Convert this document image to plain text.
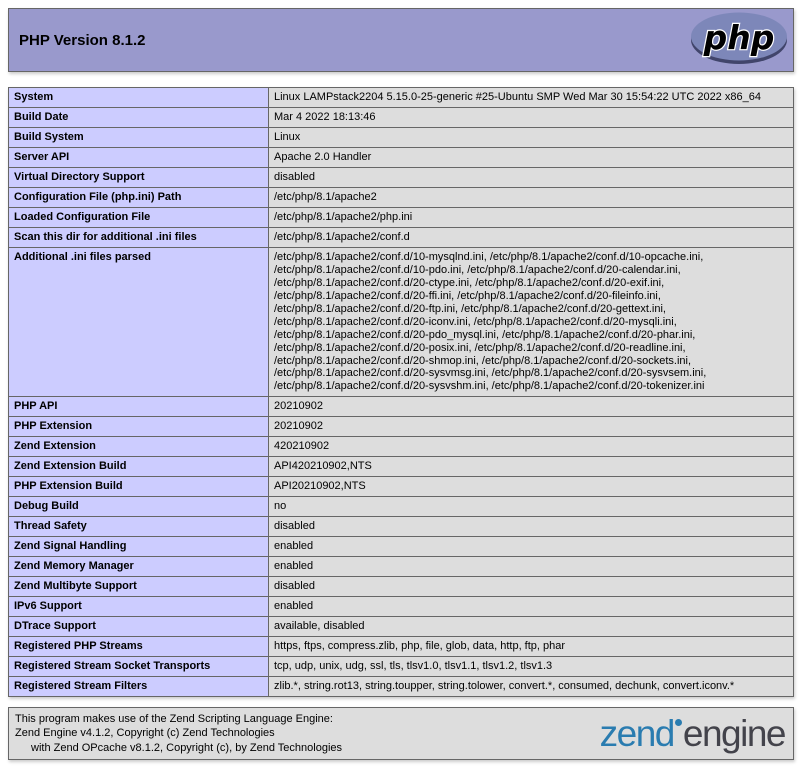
PHP Version 8.1.2	php
System	Linux LAMPstack2204 5.15.0-25-generic #25-Ubuntu SMP Wed Mar 30 15:54:22 UTC 2022 x86_64
Build Date	Mar 4 2022 18:13:46
Build System	Linux
Server API	Apache 2.0 Handler
Virtual Directory Support	disabled
Configuration File (php.ini) Path	/etc/php/8.1/apache2
Loaded Configuration File	/etc/php/8.1/apache2/php.ini
Scan this dir for additional .ini files	/etc/php/8.1/apache2/conf.d
Additional .ini files parsed	/etc/php/8.1/apache2/conf.d/10-mysqlnd.ini, /etc/php/8.1/apache2/conf.d/10-opcache.ini, /etc/php/8.1/apache2/conf.d/10-pdo.ini, /etc/php/8.1/apache2/conf.d/20-calendar.ini, /etc/php/8.1/apache2/conf.d/20-ctype.ini, /etc/php/8.1/apache2/conf.d/20-exif.ini, /etc/php/8.1/apache2/conf.d/20-ffi.ini, /etc/php/8.1/apache2/conf.d/20-fileinfo.ini, /etc/php/8.1/apache2/conf.d/20-ftp.ini, /etc/php/8.1/apache2/conf.d/20-gettext.ini, /etc/php/8.1/apache2/conf.d/20-iconv.ini, /etc/php/8.1/apache2/conf.d/20-mysqli.ini, /etc/php/8.1/apache2/conf.d/20-pdo_mysql.ini, /etc/php/8.1/apache2/conf.d/20-phar.ini, /etc/php/8.1/apache2/conf.d/20-posix.ini, /etc/php/8.1/apache2/conf.d/20-readline.ini, /etc/php/8.1/apache2/conf.d/20-shmop.ini, /etc/php/8.1/apache2/conf.d/20-sockets.ini, /etc/php/8.1/apache2/conf.d/20-sysvmsg.ini, /etc/php/8.1/apache2/conf.d/20-sysvsem.ini, /etc/php/8.1/apache2/conf.d/20-sysvshm.ini, /etc/php/8.1/apache2/conf.d/20-tokenizer.ini
PHP API	20210902
PHP Extension	20210902
Zend Extension	420210902
Zend Extension Build	API420210902,NTS
PHP Extension Build	API20210902,NTS
Debug Build	no
Thread Safety	disabled
Zend Signal Handling	enabled
Zend Memory Manager	enabled
Zend Multibyte Support	disabled
IPv6 Support	enabled
DTrace Support	available, disabled
Registered PHP Streams	https, ftps, compress.zlib, php, file, glob, data, http, ftp, phar
Registered Stream Socket Transports	tcp, udp, unix, udg, ssl, tls, tlsv1.0, tlsv1.1, tlsv1.2, tlsv1.3
Registered Stream Filters	zlib.*, string.rot13, string.toupper, string.tolower, convert.*, consumed, dechunk, convert.iconv.*
This program makes use of the Zend Scripting Language Engine:
Zend Engine v4.1.2, Copyright (c) Zend Technologies
with Zend OPcache v8.1.2, Copyright (c), by Zend Technologies	zend engine
